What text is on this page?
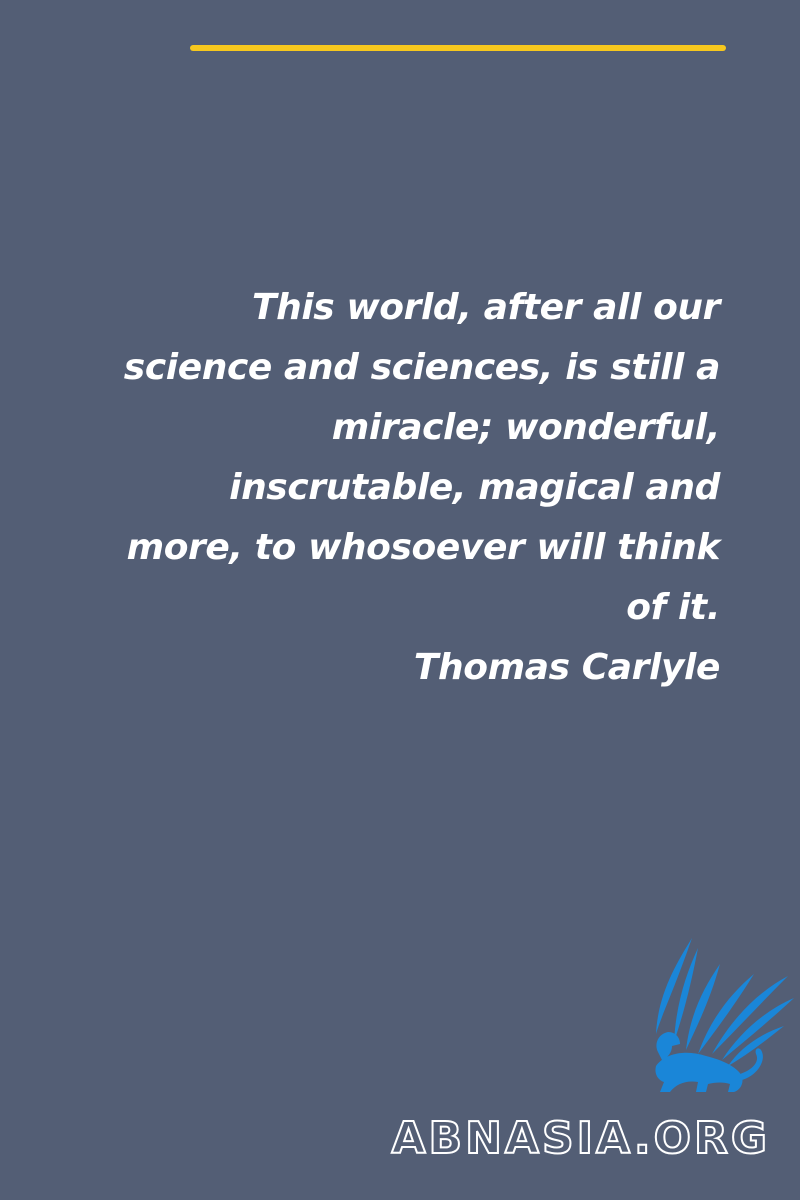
This world, after all our
science and sciences, is still a
miracle; wonderful,
inscrutable, magical and
more, to whosoever will think
of it.
Thomas Carlyle
ABNASIA.ORG
